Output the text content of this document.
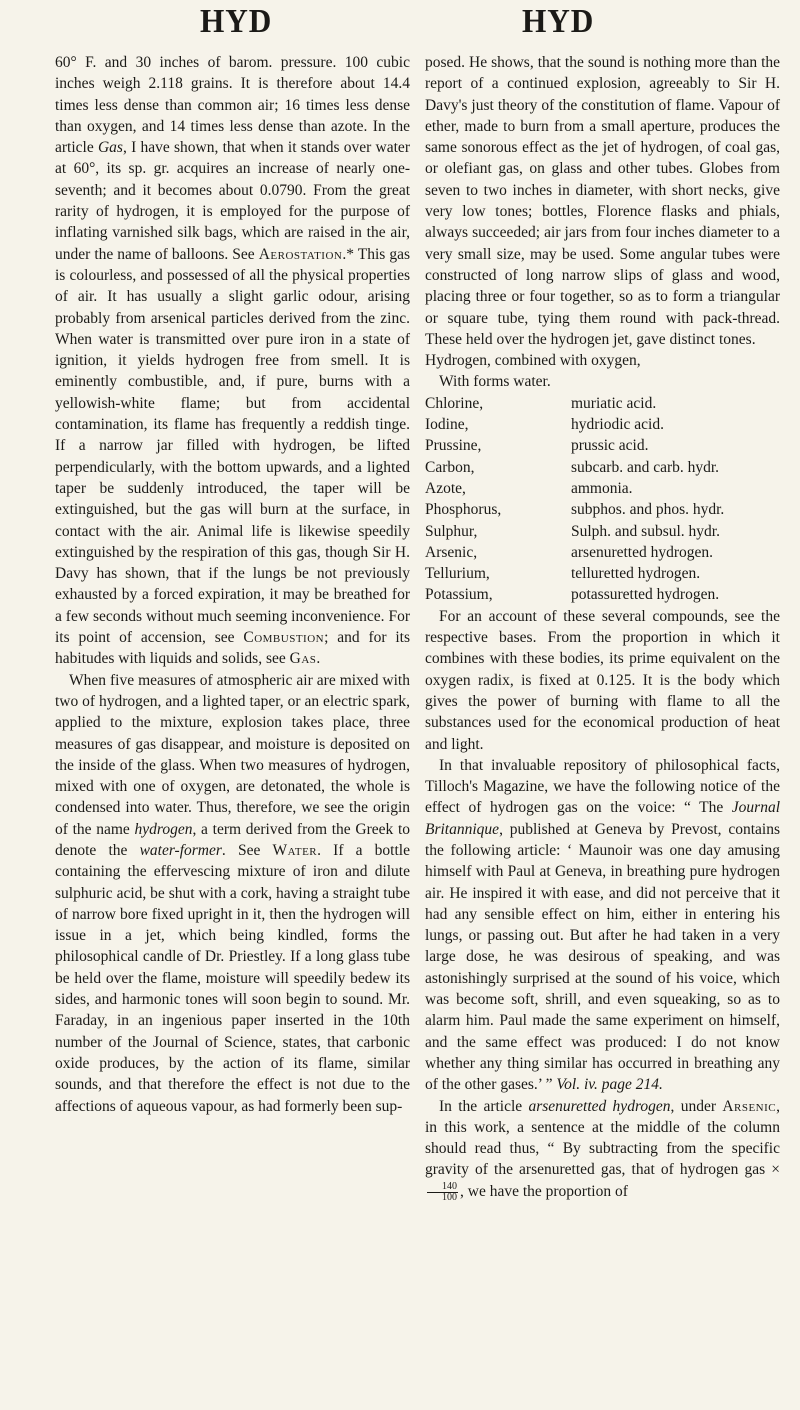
HYD	HYD

60° F. and 30 inches of barom. pressure. 100 cubic inches weigh 2.118 grains. It is therefore about 14.4 times less dense than common air; 16 times less dense than oxygen, and 14 times less dense than azote. In the article Gas, I have shown, that when it stands over water at 60°, its sp. gr. acquires an increase of nearly one-seventh; and it becomes about 0.0790. From the great rarity of hydrogen, it is employed for the purpose of inflating varnished silk bags, which are raised in the air, under the name of balloons. See Aerostation.* This gas is colourless, and possessed of all the physical properties of air. It has usually a slight garlic odour, arising probably from arsenical particles derived from the zinc. When water is transmitted over pure iron in a state of ignition, it yields hydrogen free from smell. It is eminently combustible, and, if pure, burns with a yellowish-white flame; but from accidental contamination, its flame has frequently a reddish tinge. If a narrow jar filled with hydrogen, be lifted perpendicularly, with the bottom upwards, and a lighted taper be suddenly introduced, the taper will be extinguished, but the gas will burn at the surface, in contact with the air. Animal life is likewise speedily extinguished by the respiration of this gas, though Sir H. Davy has shown, that if the lungs be not previously exhausted by a forced expiration, it may be breathed for a few seconds without much seeming inconvenience. For its point of accension, see Combustion; and for its habitudes with liquids and solids, see Gas.

When five measures of atmospheric air are mixed with two of hydrogen, and a lighted taper, or an electric spark, applied to the mixture, explosion takes place, three measures of gas disappear, and moisture is deposited on the inside of the glass. When two measures of hydrogen, mixed with one of oxygen, are detonated, the whole is condensed into water. Thus, therefore, we see the origin of the name hydrogen, a term derived from the Greek to denote the water-former. See Water. If a bottle containing the effervescing mixture of iron and dilute sulphuric acid, be shut with a cork, having a straight tube of narrow bore fixed upright in it, then the hydrogen will issue in a jet, which being kindled, forms the philosophical candle of Dr. Priestley. If a long glass tube be held over the flame, moisture will speedily bedew its sides, and harmonic tones will soon begin to sound. Mr. Faraday, in an ingenious paper inserted in the 10th number of the Journal of Science, states, that carbonic oxide produces, by the action of its flame, similar sounds, and that therefore the effect is not due to the affections of aqueous vapour, as had formerly been sup-

posed. He shows, that the sound is nothing more than the report of a continued explosion, agreeably to Sir H. Davy's just theory of the constitution of flame. Vapour of ether, made to burn from a small aperture, produces the same sonorous effect as the jet of hydrogen, of coal gas, or olefiant gas, on glass and other tubes. Globes from seven to two inches in diameter, with short necks, give very low tones; bottles, Florence flasks and phials, always succeeded; air jars from four inches diameter to a very small size, may be used. Some angular tubes were constructed of long narrow slips of glass and wood, placing three or four together, so as to form a triangular or square tube, tying them round with pack-thread. These held over the hydrogen jet, gave distinct tones.

Hydrogen, combined with oxygen,

With forms water.

Chlorine,	muriatic acid.
Iodine,	hydriodic acid.
Prussine,	prussic acid.
Carbon,	subcarb. and carb. hydr.
Azote,	ammonia.
Phosphorus,	subphos. and phos. hydr.
Sulphur,	Sulph. and subsul. hydr.
Arsenic,	arsenuretted hydrogen.
Tellurium,	telluretted hydrogen.
Potassium,	potassuretted hydrogen.

For an account of these several compounds, see the respective bases. From the proportion in which it combines with these bodies, its prime equivalent on the oxygen radix, is fixed at 0.125. It is the body which gives the power of burning with flame to all the substances used for the economical production of heat and light.

In that invaluable repository of philosophical facts, Tilloch's Magazine, we have the following notice of the effect of hydrogen gas on the voice: “ The Journal Britannique, published at Geneva by Prevost, contains the following article: ‘ Maunoir was one day amusing himself with Paul at Geneva, in breathing pure hydrogen air. He inspired it with ease, and did not perceive that it had any sensible effect on him, either in entering his lungs, or passing out. But after he had taken in a very large dose, he was desirous of speaking, and was astonishingly surprised at the sound of his voice, which was become soft, shrill, and even squeaking, so as to alarm him. Paul made the same experiment on himself, and the same effect was produced: I do not know whether any thing similar has occurred in breathing any of the other gases.’ ” Vol. iv. page 214.

In the article arsenuretted hydrogen, under Arsenic, in this work, a sentence at the middle of the column should read thus, “ By subtracting from the specific gravity of the arsenuretted gas, that of hydrogen gas ×
$\frac{140}{100}$ , we have the proportion of
